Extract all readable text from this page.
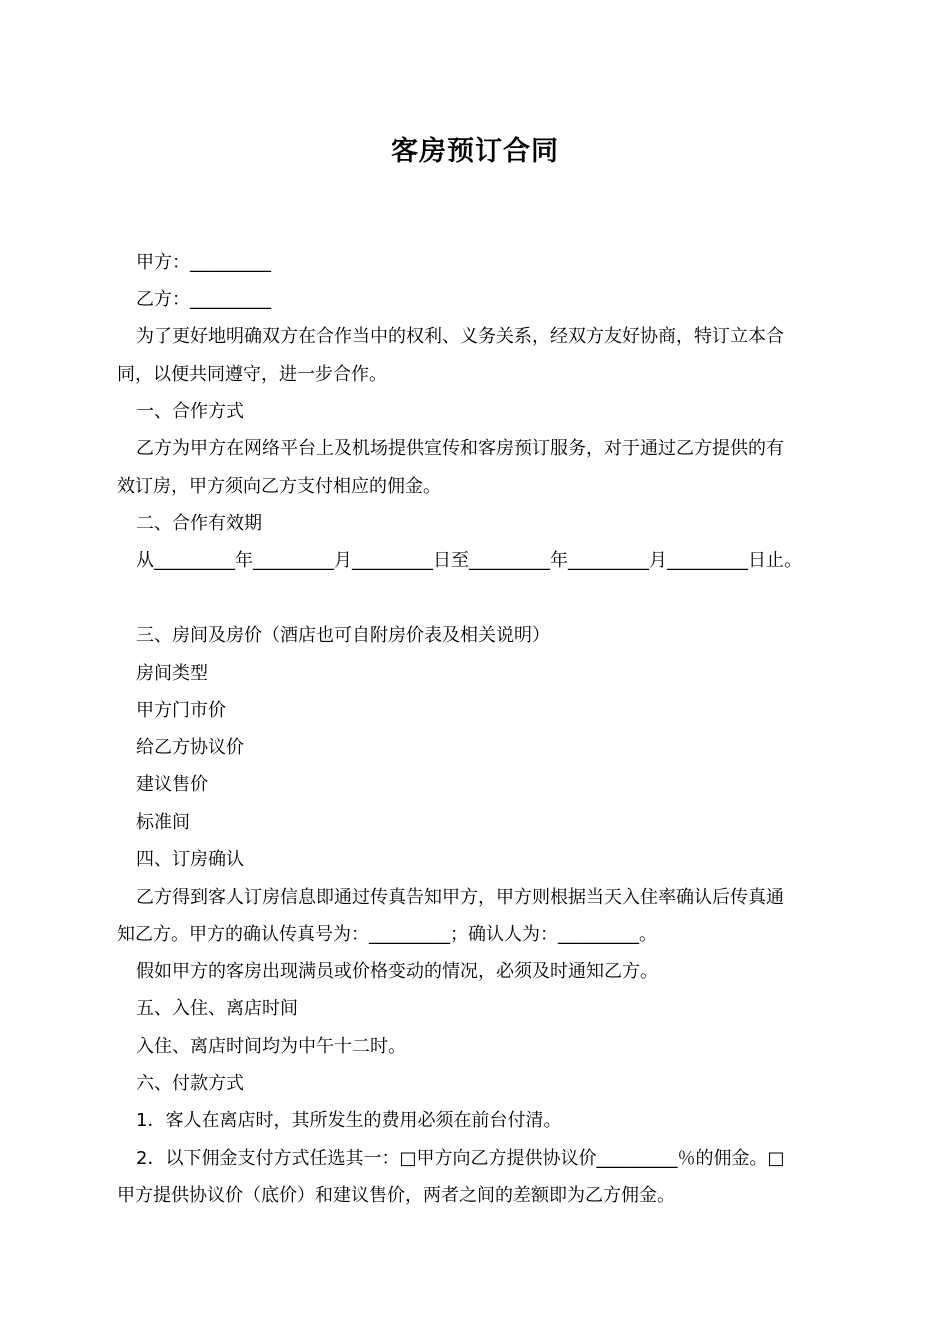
客房预订合同
甲方：_________
乙方：_________
为了更好地明确双方在合作当中的权利、义务关系，经双方友好协商，特订立本合
同，以便共同遵守，进一步合作。
一、合作方式
乙方为甲方在网络平台上及机场提供宣传和客房预订服务，对于通过乙方提供的有
效订房，甲方须向乙方支付相应的佣金。
二、合作有效期
从_________年_________月_________日至_________年_________月_________日止。
三、房间及房价（酒店也可自附房价表及相关说明）
房间类型
甲方门市价
给乙方协议价
建议售价
标准间
四、订房确认
乙方得到客人订房信息即通过传真告知甲方，甲方则根据当天入住率确认后传真通
知乙方。甲方的确认传真号为：_________；确认人为：_________。
假如甲方的客房出现满员或价格变动的情况，必须及时通知乙方。
五、入住、离店时间
入住、离店时间均为中午十二时。
六、付款方式
1．客人在离店时，其所发生的费用必须在前台付清。
2．以下佣金支付方式任选其一：□甲方向乙方提供协议价_________％的佣金。□
甲方提供协议价（底价）和建议售价，两者之间的差额即为乙方佣金。
